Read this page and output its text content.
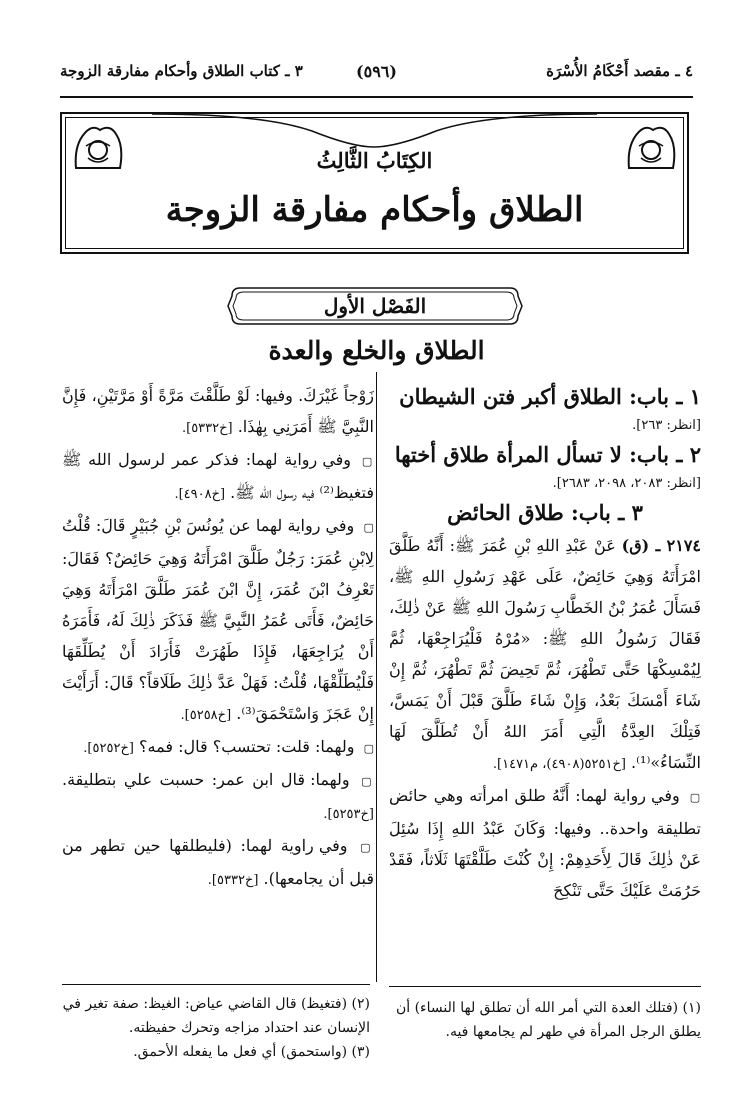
٤ ـ مقصد أَحْكَامُ الأُسْرَة
(٥٩٦)
٣ ـ كتاب الطلاق وأحكام مفارقة الزوجة
الكِتَابُ الثَّالِثُ
الطلاق وأحكام مفارقة الزوجة
الفَصْل الأول
الطلاق والخلع والعدة

١ ـ باب: الطلاق أكبر فتن الشيطان

[انظر: ٢٦٣].

٢ ـ باب: لا تسأل المرأة طلاق أختها

[انظر: ٢٠٨٣، ٢٠٩٨، ٢٦٨٣].

٣ ـ باب: طلاق الحائض

٢١٧٤ ـ (ق) عَنْ عَبْدِ اللهِ بْنِ عُمَرَ ﷺ: أَنَّهُ طَلَّقَ امْرَأَتَهُ وَهِيَ حَائِضٌ، عَلَى عَهْدِ رَسُولِ اللهِ ﷺ، فَسَأَلَ عُمَرُ بْنُ الخَطَّابِ رَسُولَ اللهِ ﷺ عَنْ ذٰلِكَ، فَقَالَ رَسُولُ اللهِ ﷺ: «مُرْهُ فَلْيُرَاجِعْهَا، ثُمَّ لِيُمْسِكْهَا حَتَّى تَطْهُرَ، ثُمَّ تَحِيضَ ثُمَّ تَطْهُرَ، ثُمَّ إِنْ شَاءَ أَمْسَكَ بَعْدُ، وَإِنْ شَاءَ طَلَّقَ قَبْلَ أَنْ يَمَسَّ، فَتِلْكَ العِدَّةُ الَّتِي أَمَرَ اللهُ أَنْ تُطَلَّقَ لَهَا النِّسَاءُ»⁽¹⁾. [خ٥٢٥١(٤٩٠٨)، م١٤٧١].

▢ وفي رواية لهما: أَنَّهُ طلق امرأته وهي حائض تطليقة واحدة.. وفيها: وَكَانَ عَبْدُ اللهِ إِذَا سُئِلَ عَنْ ذٰلِكَ قَالَ لِأَحَدِهِمْ: إِنْ كُنْتَ طَلَّقْتَهَا ثَلَاثاً، فَقَدْ حَرُمَتْ عَلَيْكَ حَتَّى تَنْكِحَ

زَوْجاً غَيْرَكَ. وفيها: لَوْ طَلَّقْتَ مَرَّةً أَوْ مَرَّتَيْنِ، فَإِنَّ النَّبِيَّ ﷺ أَمَرَنِي بِهٰذَا. [خ٥٣٣٢].

▢ وفي رواية لهما: فذكر عمر لرسول الله ﷺ فتغيظ⁽²⁾ فيه رسول الله ﷺ. [خ٤٩٠٨].

▢ وفي رواية لهما عن يُونُسَ بْنِ جُبَيْرٍ قَالَ: قُلْتُ لِابْنِ عُمَرَ: رَجُلٌ طَلَّقَ امْرَأَتَهُ وَهِيَ حَائِضٌ؟ فَقَالَ: تَعْرِفُ ابْنَ عُمَرَ، إِنَّ ابْنَ عُمَرَ طَلَّقَ امْرَأَتَهُ وَهِيَ حَائِضٌ، فَأَتَى عُمَرُ النَّبِيَّ ﷺ فَذَكَرَ ذٰلِكَ لَهُ، فَأَمَرَهُ أَنْ يُرَاجِعَهَا، فَإِذَا طَهُرَتْ فَأَرَادَ أَنْ يُطَلِّقَهَا فَلْيُطَلِّقْهَا، قُلْتُ: فَهَلْ عَدَّ ذٰلِكَ طَلَاقاً؟ قَالَ: أَرَأَيْتَ إِنْ عَجَزَ وَاسْتَحْمَقَ⁽³⁾. [خ٥٢٥٨].

▢ ولهما: قلت: تحتسب؟ قال: فمه؟ [خ٥٢٥٢].

▢ ولهما: قال ابن عمر: حسبت علي بتطليقة. [خ٥٢٥٣].

▢ وفي راوية لهما: (فليطلقها حين تطهر من قبل أن يجامعها). [خ٥٣٣٢].

(١) (فتلك العدة التي أمر الله أن تطلق لها النساء) أن يطلق الرجل المرأة في طهر لم يجامعها فيه.
(٢) (فتغيظ) قال القاضي عياض: الغيظ: صفة تغير في الإنسان عند احتداد مزاجه وتحرك حفيظته.
(٣) (واستحمق) أي فعل ما يفعله الأحمق.
